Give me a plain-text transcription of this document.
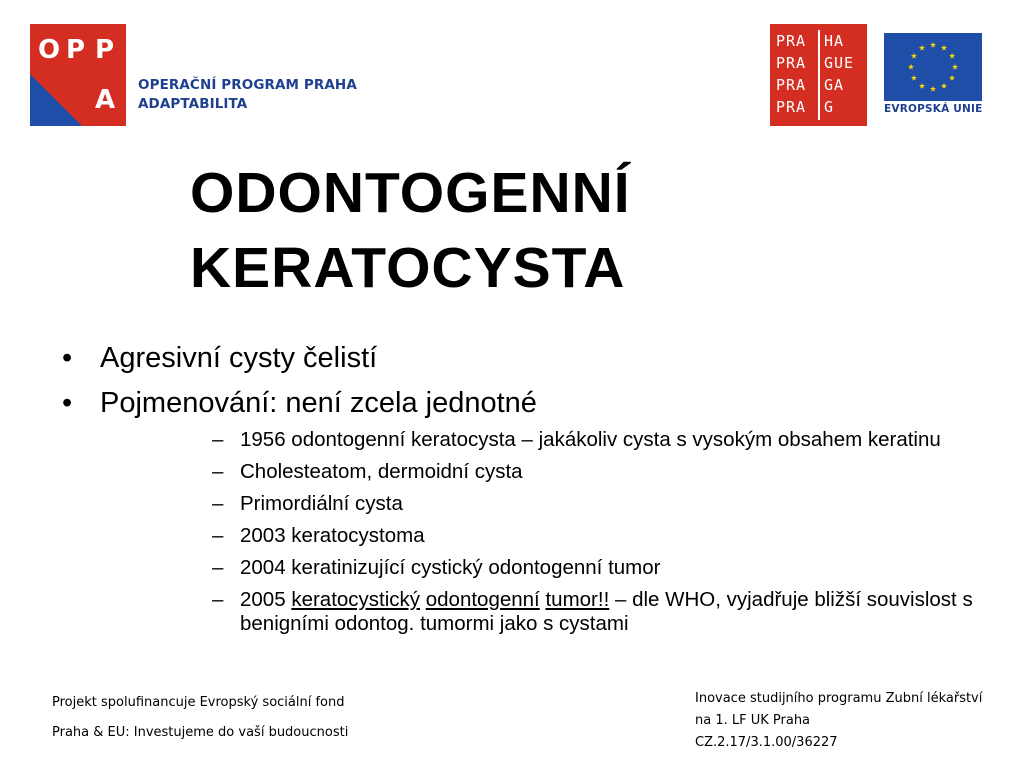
O P P
A OPERAČNÍ PROGRAM PRAHA
ADAPTABILITA
PRA
PRA
PRA
PRA
HA
GUE
GA
G	EVROPSKÁ UNIE
ODONTOGENNÍ
KERATOCYSTA
• Agresivní cysty čelistí
• Pojmenování: není zcela jednotné
– 1956 odontogenní keratocysta – jakákoliv cysta s vysokým obsahem keratinu
– Cholesteatom, dermoidní cysta
– Primordiální cysta
– 2003 keratocystoma
– 2004 keratinizující cystický odontogenní tumor
– 2005 keratocystický odontogenní tumor!! – dle WHO, vyjadřuje bližší souvislost s benigními odontog. tumormi jako s cystami
Projekt spolufinancuje Evropský sociální fond
Praha & EU: Investujeme do vaší budoucnosti
Inovace studijního programu Zubní lékařství
na 1. LF UK Praha
CZ.2.17/3.1.00/36227
